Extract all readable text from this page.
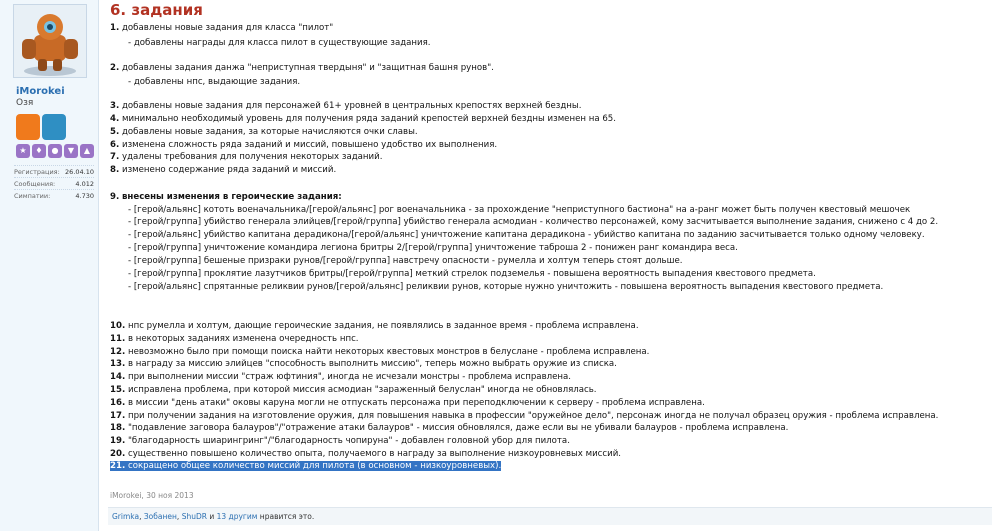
iMorokei
Озя
★	♦	●	▼	▲
Регистрация: 26.04.10
Сообщения:	4.012
Симпатии:	4.730
6. задания
1. добавлены новые задания для класса "пилот"
- добавлены награды для класса пилот в существующие задания.
2. добавлены задания данжа "неприступная твердыня" и "защитная башня рунов".
- добавлены нпс, выдающие задания.
3. добавлены новые задания для персонажей 61+ уровней в центральных крепостях верхней бездны.
4. минимально необходимый уровень для получения ряда заданий крепостей верхней бездны изменен на 65.
5. добавлены новые задания, за которые начисляются очки славы.
6. изменена сложность ряда заданий и миссий, повышено удобство их выполнения.
7. удалены требования для получения некоторых заданий.
8. изменено содержание ряда заданий и миссий.
9. внесены изменения в героические задания:
- [герой/альянс] кототь военачальника/[герой/альянс] рог военачальника - за прохождение "неприступного бастиона" на а-ранг может быть получен квестовый мешочек
- [герой/группа] убийство генерала элийцев/[герой/группа] убийство генерала асмодиан - количество персонажей, кому засчитывается выполнение задания, снижено с 4 до 2.
- [герой/альянс] убийство капитана дерадикона/[герой/альянс] уничтожение капитана дерадикона - убийство капитана по заданию засчитывается только одному человеку.
- [герой/группа] уничтожение командира легиона бритры 2/[герой/группа] уничтожение таброша 2 - понижен ранг командира веса.
- [герой/группа] бешеные призраки рунов/[герой/группа] навстречу опасности - румелла и холтум теперь стоят дольше.
- [герой/группа] проклятие лазутчиков бритры/[герой/группа] меткий стрелок подземелья - повышена вероятность выпадения квестового предмета.
- [герой/альянс] спрятанные реликвии рунов/[герой/альянс] реликвии рунов, которые нужно уничтожить - повышена вероятность выпадения квестового предмета.
10. нпс румелла и холтум, дающие героические задания, не появлялись в заданное время - проблема исправлена.
11. в некоторых заданиях изменена очередность нпс.
12. невозможно было при помощи поиска найти некоторых квестовых монстров в белуслане - проблема исправлена.
13. в награду за миссию элийцев "способность выполнить миссию", теперь можно выбрать оружие из списка.
14. при выполнении миссии "страж юфтиния", иногда не исчезали монстры - проблема исправлена.
15. исправлена проблема, при которой миссия асмодиан "зараженный белуслан" иногда не обновлялась.
16. в миссии "день атаки" оковы каруна могли не отпускать персонажа при переподключении к серверу - проблема исправлена.
17. при получении задания на изготовление оружия, для повышения навыка в профессии "оружейное дело", персонаж иногда не получал образец оружия - проблема исправлена.
18. "подавление заговора балауров"/"отражение атаки балауров" - миссия обновлялся, даже если вы не убивали балауров - проблема исправлена.
19. "благодарность шиарингринг"/"благодарность чопируна" - добавлен головной убор для пилота.
20. существенно повышено количество опыта, получаемого в награду за выполнение низкоуровневых миссий.
21. сокращено общее количество миссий для пилота (в основном - низкоуровневых).
iMorokei, 30 ноя 2013
Grimka, Зобанен, ShuDR и 13 другим нравится это.
